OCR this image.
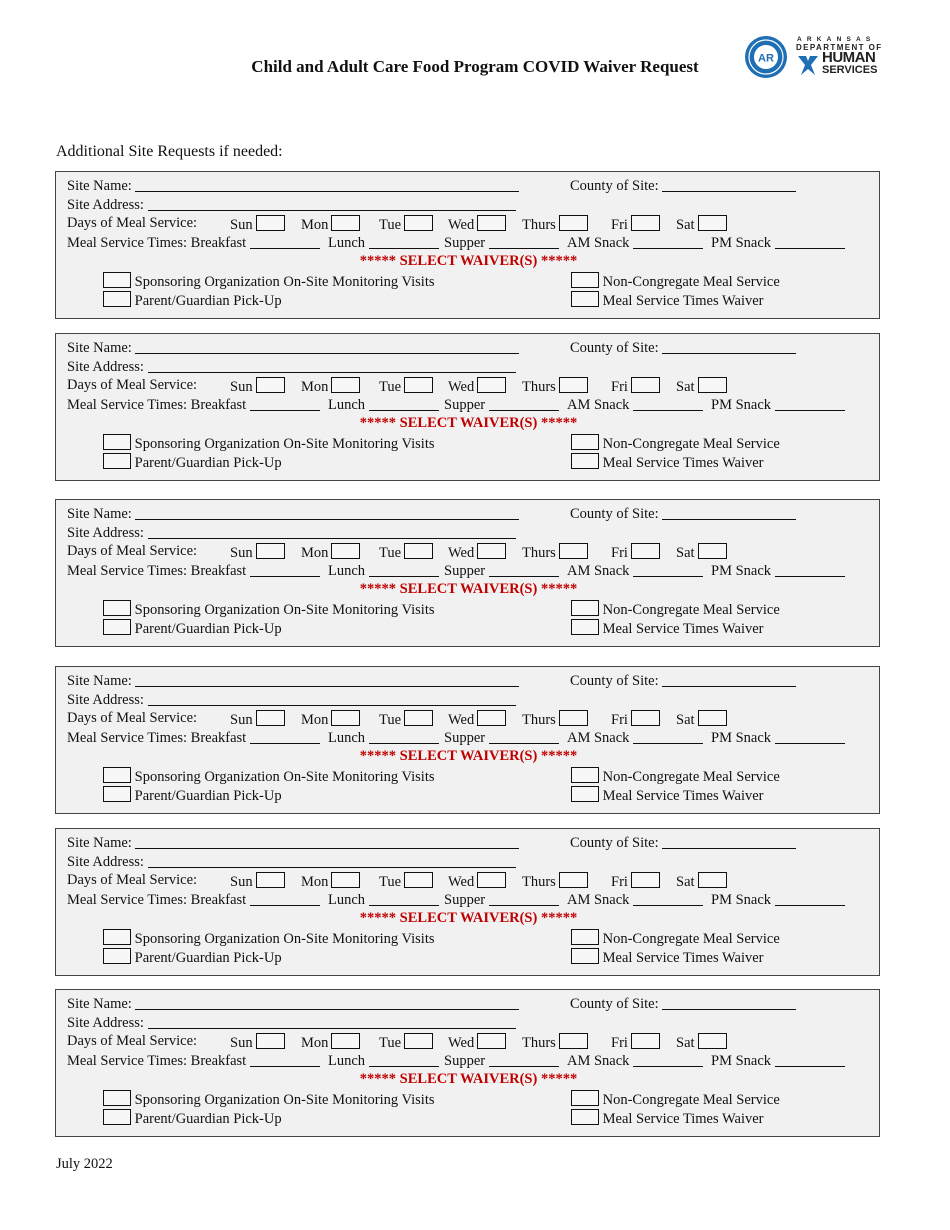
Child and Adult Care Food Program COVID Waiver Request	AR
ARKANSAS
DEPARTMENT OF
HUMAN
SERVICES
Additional Site Requests if needed:
Site Name:	County of Site:
Site Address:
Days of Meal Service: Sun	Mon	Tue	Wed	Thurs	Fri	Sat
Meal Service Times: Breakfast	Lunch	Supper	AM Snack	PM Snack
***** SELECT WAIVER(S) *****
Sponsoring Organization On-Site Monitoring Visits
Parent/Guardian Pick-Up
Non-Congregate Meal Service
Meal Service Times Waiver
Site Name:	County of Site:
Site Address:
Days of Meal Service: Sun	Mon	Tue	Wed	Thurs	Fri	Sat
Meal Service Times: Breakfast	Lunch	Supper	AM Snack	PM Snack
***** SELECT WAIVER(S) *****
Sponsoring Organization On-Site Monitoring Visits
Parent/Guardian Pick-Up
Non-Congregate Meal Service
Meal Service Times Waiver
Site Name:	County of Site:
Site Address:
Days of Meal Service: Sun	Mon	Tue	Wed	Thurs	Fri	Sat
Meal Service Times: Breakfast	Lunch	Supper	AM Snack	PM Snack
***** SELECT WAIVER(S) *****
Sponsoring Organization On-Site Monitoring Visits
Parent/Guardian Pick-Up
Non-Congregate Meal Service
Meal Service Times Waiver
Site Name:	County of Site:
Site Address:
Days of Meal Service: Sun	Mon	Tue	Wed	Thurs	Fri	Sat
Meal Service Times: Breakfast	Lunch	Supper	AM Snack	PM Snack
***** SELECT WAIVER(S) *****
Sponsoring Organization On-Site Monitoring Visits
Parent/Guardian Pick-Up
Non-Congregate Meal Service
Meal Service Times Waiver
Site Name:	County of Site:
Site Address:
Days of Meal Service: Sun	Mon	Tue	Wed	Thurs	Fri	Sat
Meal Service Times: Breakfast	Lunch	Supper	AM Snack	PM Snack
***** SELECT WAIVER(S) *****
Sponsoring Organization On-Site Monitoring Visits
Parent/Guardian Pick-Up
Non-Congregate Meal Service
Meal Service Times Waiver
Site Name:	County of Site:
Site Address:
Days of Meal Service: Sun	Mon	Tue	Wed	Thurs	Fri	Sat
Meal Service Times: Breakfast	Lunch	Supper	AM Snack	PM Snack
***** SELECT WAIVER(S) *****
Sponsoring Organization On-Site Monitoring Visits
Parent/Guardian Pick-Up
Non-Congregate Meal Service
Meal Service Times Waiver
July 2022
